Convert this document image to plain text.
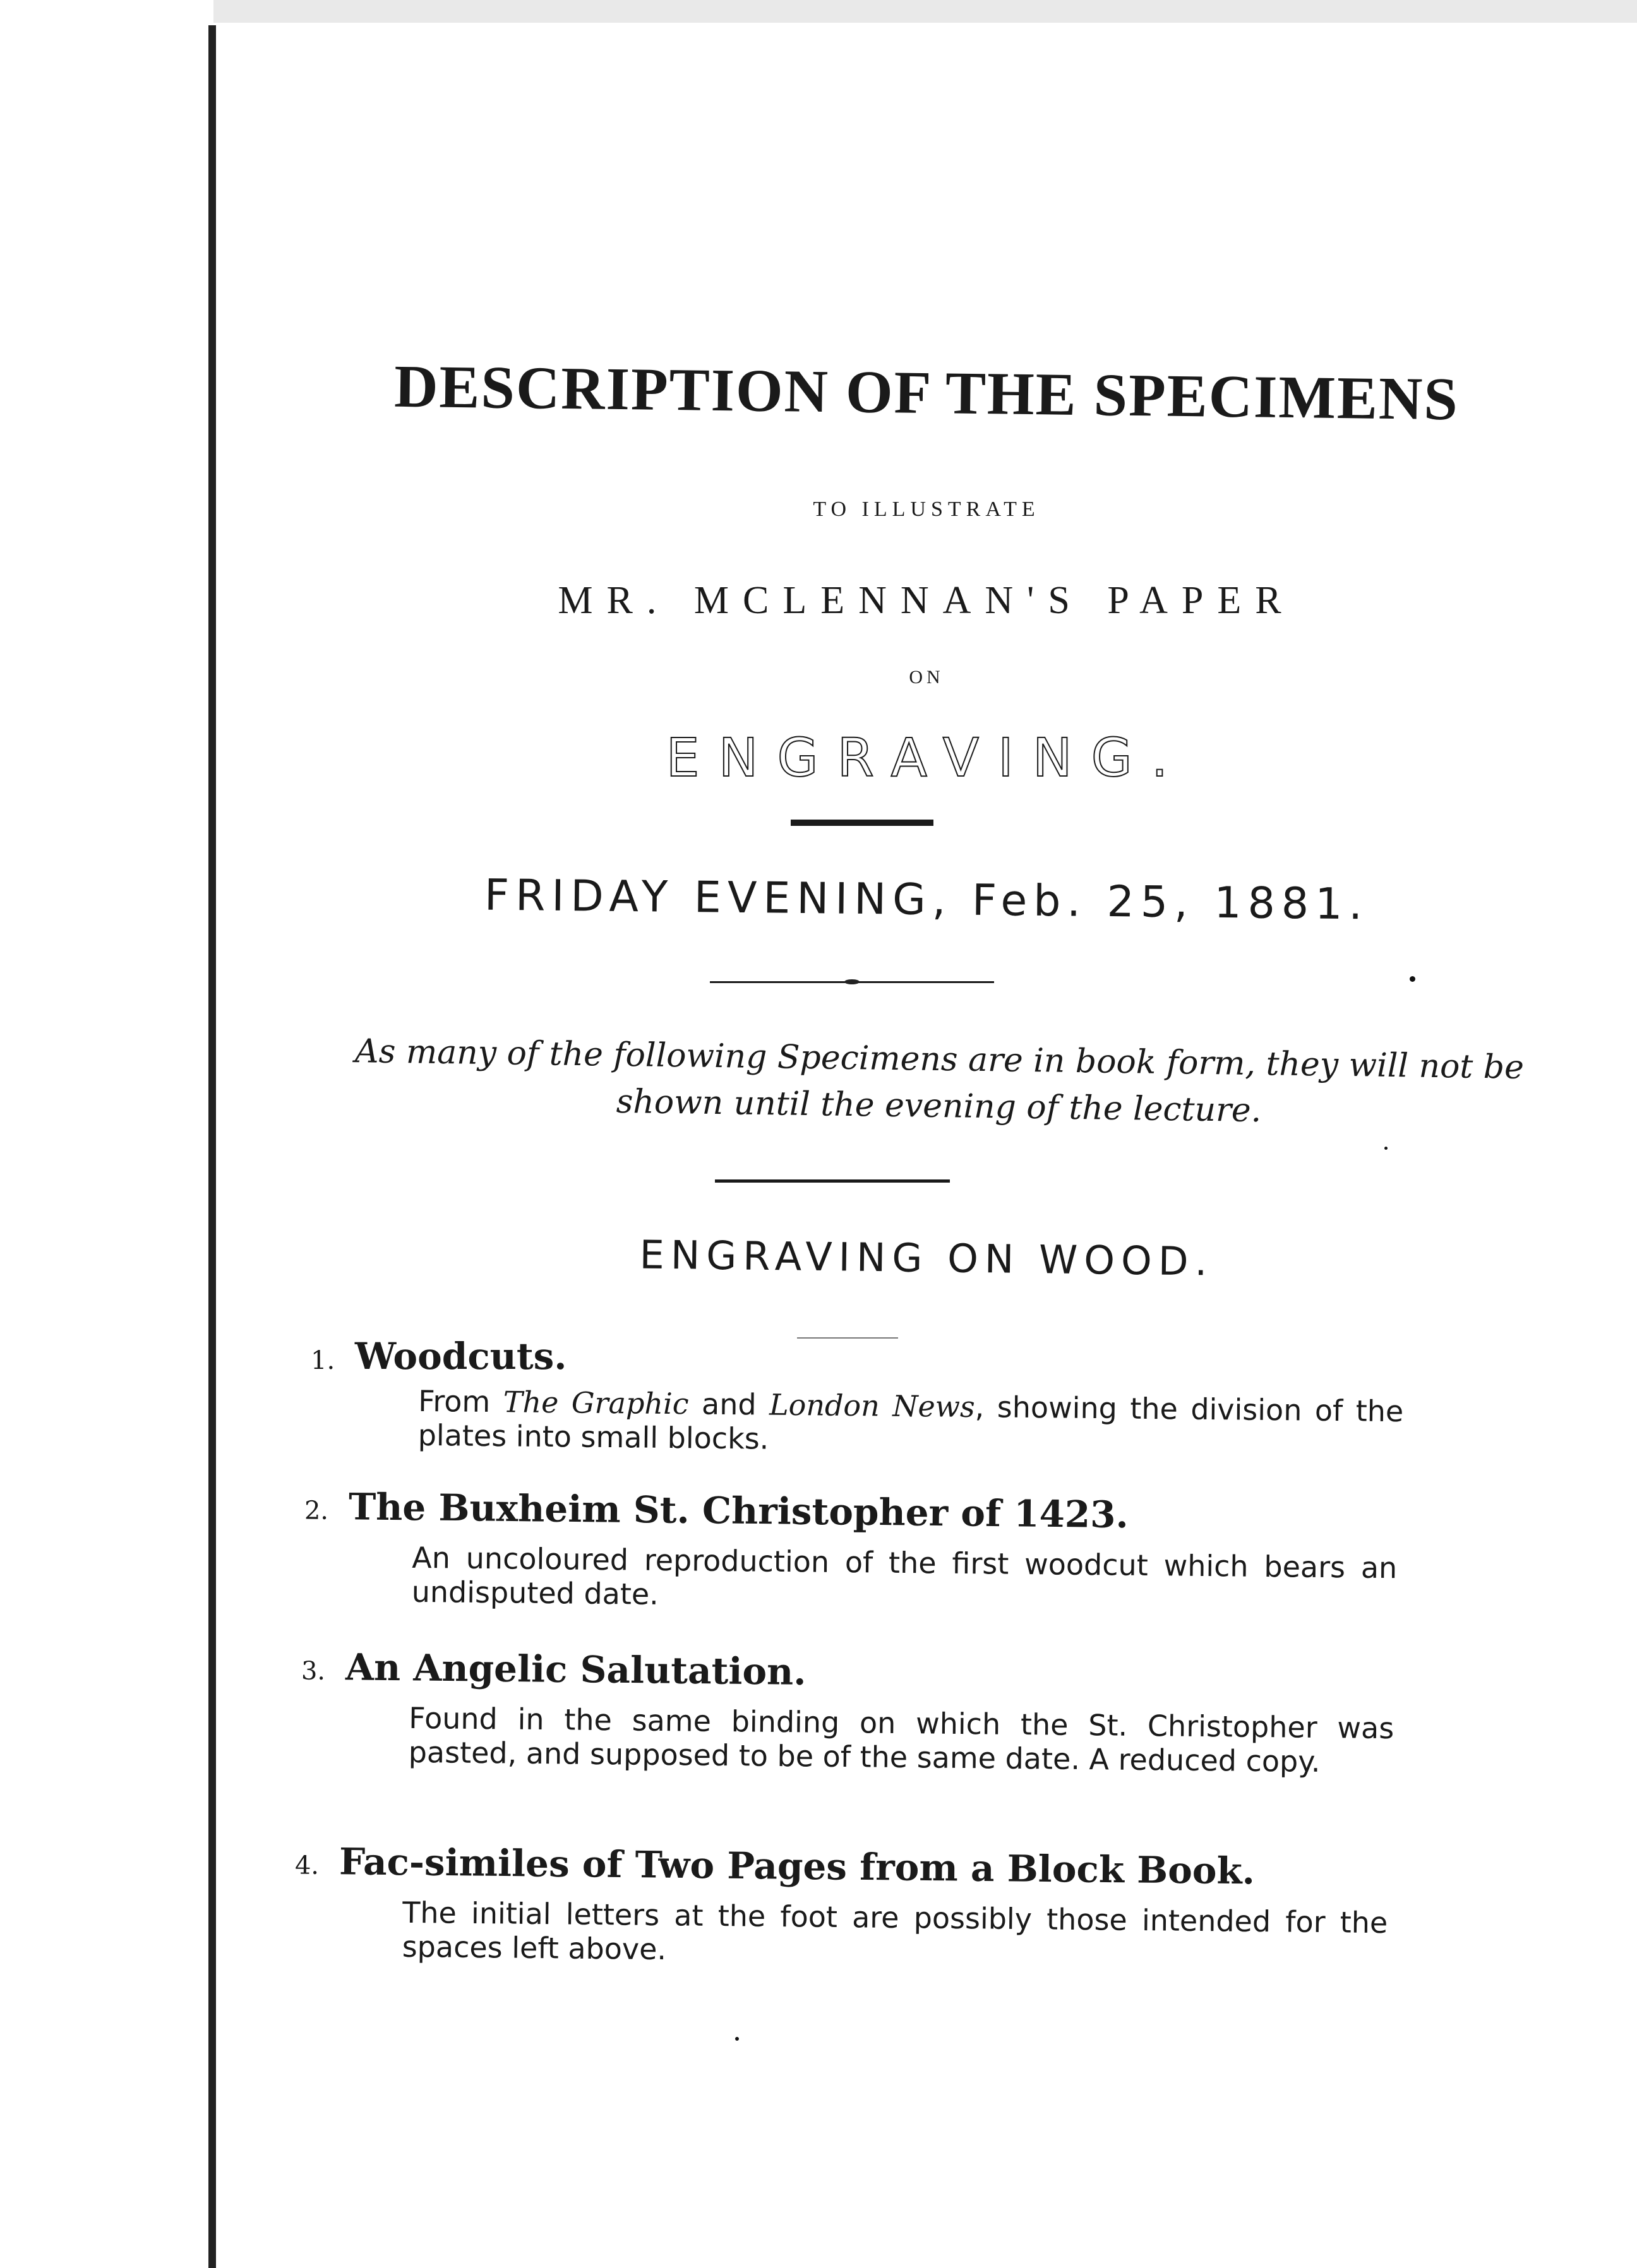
DESCRIPTION OF THE SPECIMENS
TO ILLUSTRATE
MR. MCLENNAN'S PAPER
ON
ENGRAVING.
FRIDAY EVENING, Feb. 25, 1881.
As many of the following Specimens are in book form, they will not be shown until the evening of the lecture.
ENGRAVING ON WOOD.
1. Woodcuts.
From The Graphic and London News, showing the division of the plates into small blocks.
2. The Buxheim St. Christopher of 1423.
An uncoloured reproduction of the first woodcut which bears an undisputed date.
3. An Angelic Salutation.
Found in the same binding on which the St. Christopher was pasted, and supposed to be of the same date. A reduced copy.
4. Fac-similes of Two Pages from a Block Book.
The initial letters at the foot are possibly those intended for the spaces left above.
